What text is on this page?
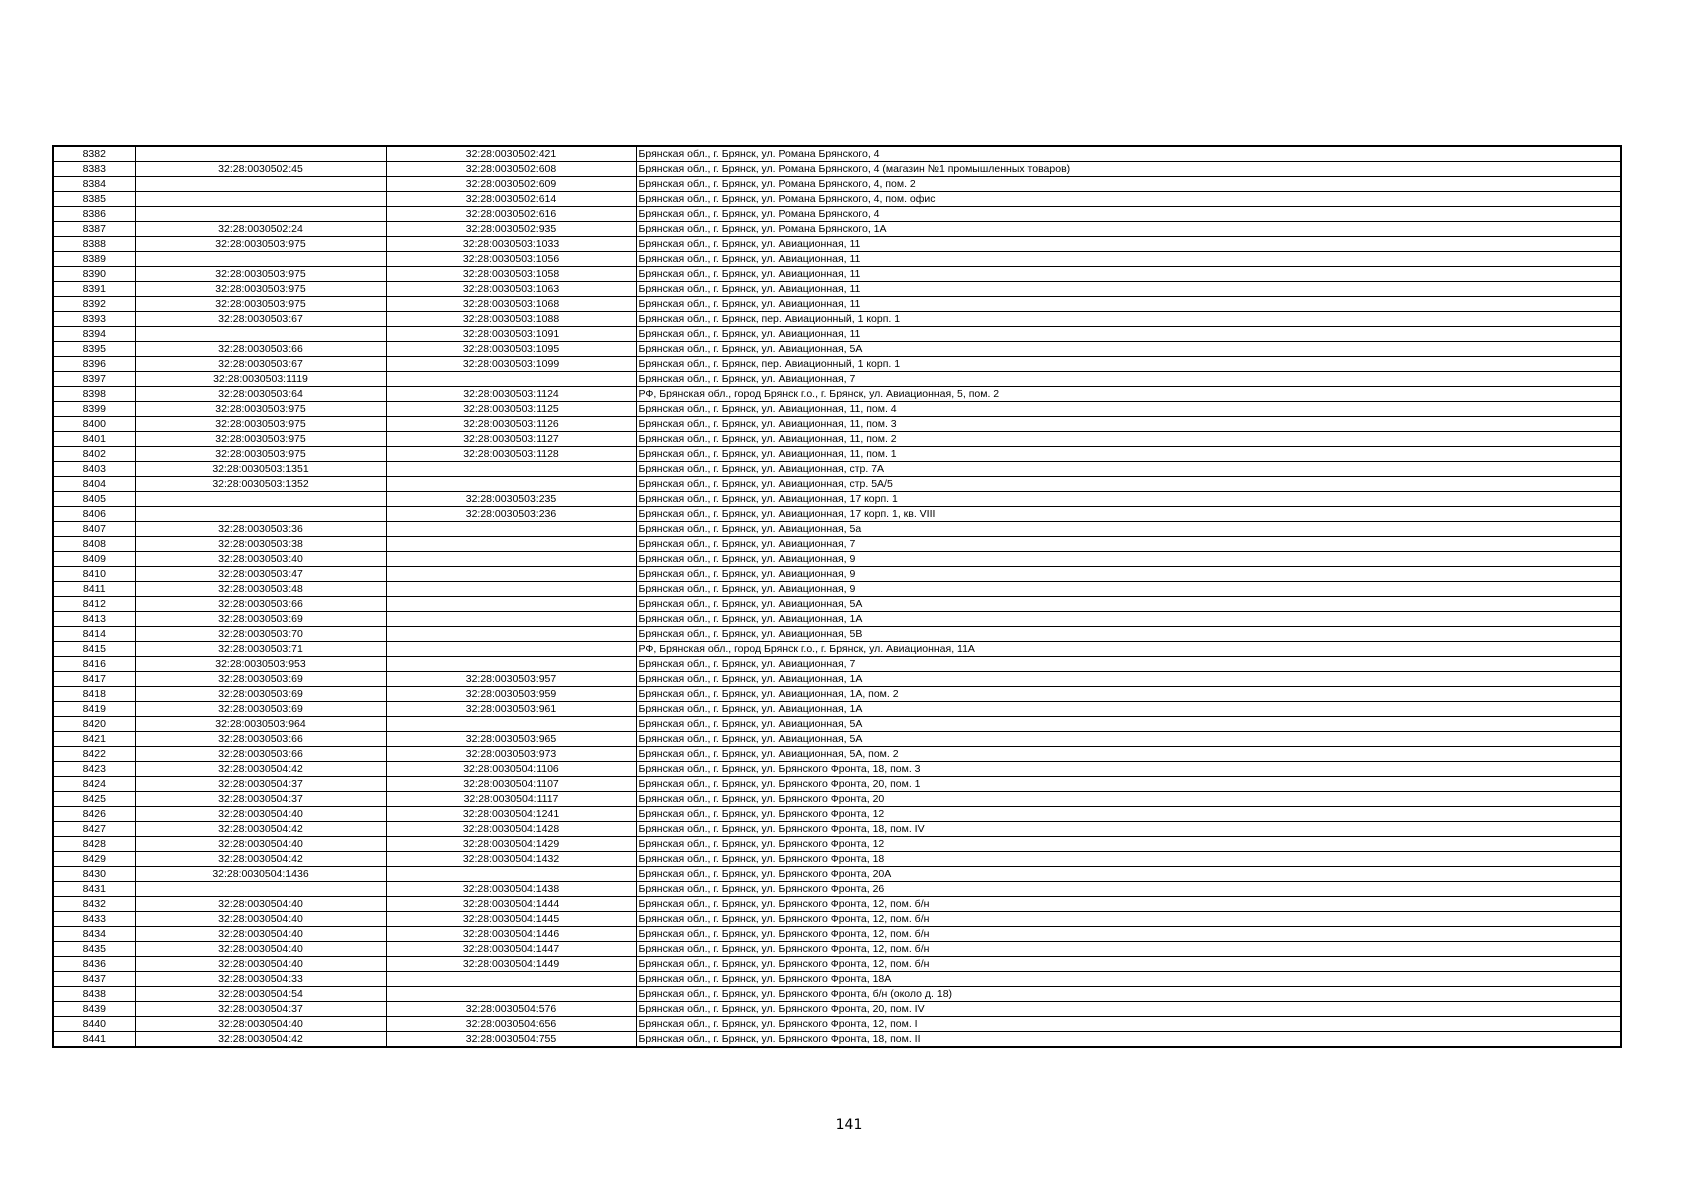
8382		32:28:0030502:421	Брянская обл., г. Брянск, ул. Романа Брянского, 4
8383	32:28:0030502:45	32:28:0030502:608	Брянская обл., г. Брянск, ул. Романа Брянского, 4 (магазин №1 промышленных товаров)
8384		32:28:0030502:609	Брянская обл., г. Брянск, ул. Романа Брянского, 4, пом. 2
8385		32:28:0030502:614	Брянская обл., г. Брянск, ул. Романа Брянского, 4, пом. офис
8386		32:28:0030502:616	Брянская обл., г. Брянск, ул. Романа Брянского, 4
8387	32:28:0030502:24	32:28:0030502:935	Брянская обл., г. Брянск, ул. Романа Брянского, 1А
8388	32:28:0030503:975	32:28:0030503:1033	Брянская обл., г. Брянск, ул. Авиационная, 11
8389		32:28:0030503:1056	Брянская обл., г. Брянск, ул. Авиационная, 11
8390	32:28:0030503:975	32:28:0030503:1058	Брянская обл., г. Брянск, ул. Авиационная, 11
8391	32:28:0030503:975	32:28:0030503:1063	Брянская обл., г. Брянск, ул. Авиационная, 11
8392	32:28:0030503:975	32:28:0030503:1068	Брянская обл., г. Брянск, ул. Авиационная, 11
8393	32:28:0030503:67	32:28:0030503:1088	Брянская обл., г. Брянск, пер. Авиационный, 1 корп. 1
8394		32:28:0030503:1091	Брянская обл., г. Брянск, ул. Авиационная, 11
8395	32:28:0030503:66	32:28:0030503:1095	Брянская обл., г. Брянск, ул. Авиационная, 5А
8396	32:28:0030503:67	32:28:0030503:1099	Брянская обл., г. Брянск, пер. Авиационный, 1 корп. 1
8397	32:28:0030503:1119		Брянская обл., г. Брянск, ул. Авиационная, 7
8398	32:28:0030503:64	32:28:0030503:1124	РФ, Брянская обл., город Брянск г.о., г. Брянск, ул. Авиационная, 5, пом. 2
8399	32:28:0030503:975	32:28:0030503:1125	Брянская обл., г. Брянск, ул. Авиационная, 11, пом. 4
8400	32:28:0030503:975	32:28:0030503:1126	Брянская обл., г. Брянск, ул. Авиационная, 11, пом. 3
8401	32:28:0030503:975	32:28:0030503:1127	Брянская обл., г. Брянск, ул. Авиационная, 11, пом. 2
8402	32:28:0030503:975	32:28:0030503:1128	Брянская обл., г. Брянск, ул. Авиационная, 11, пом. 1
8403	32:28:0030503:1351		Брянская обл., г. Брянск, ул. Авиационная, стр. 7А
8404	32:28:0030503:1352		Брянская обл., г. Брянск, ул. Авиационная, стр. 5А/5
8405		32:28:0030503:235	Брянская обл., г. Брянск, ул. Авиационная, 17 корп. 1
8406		32:28:0030503:236	Брянская обл., г. Брянск, ул. Авиационная, 17 корп. 1, кв. VIII
8407	32:28:0030503:36		Брянская обл., г. Брянск, ул. Авиационная, 5а
8408	32:28:0030503:38		Брянская обл., г. Брянск, ул. Авиационная, 7
8409	32:28:0030503:40		Брянская обл., г. Брянск, ул. Авиационная, 9
8410	32:28:0030503:47		Брянская обл., г. Брянск, ул. Авиационная, 9
8411	32:28:0030503:48		Брянская обл., г. Брянск, ул. Авиационная, 9
8412	32:28:0030503:66		Брянская обл., г. Брянск, ул. Авиационная, 5А
8413	32:28:0030503:69		Брянская обл., г. Брянск, ул. Авиационная, 1А
8414	32:28:0030503:70		Брянская обл., г. Брянск, ул. Авиационная, 5В
8415	32:28:0030503:71		РФ, Брянская обл., город Брянск г.о., г. Брянск, ул. Авиационная, 11А
8416	32:28:0030503:953		Брянская обл., г. Брянск, ул. Авиационная, 7
8417	32:28:0030503:69	32:28:0030503:957	Брянская обл., г. Брянск, ул. Авиационная, 1А
8418	32:28:0030503:69	32:28:0030503:959	Брянская обл., г. Брянск, ул. Авиационная, 1А, пом. 2
8419	32:28:0030503:69	32:28:0030503:961	Брянская обл., г. Брянск, ул. Авиационная, 1А
8420	32:28:0030503:964		Брянская обл., г. Брянск, ул. Авиационная, 5А
8421	32:28:0030503:66	32:28:0030503:965	Брянская обл., г. Брянск, ул. Авиационная, 5А
8422	32:28:0030503:66	32:28:0030503:973	Брянская обл., г. Брянск, ул. Авиационная, 5А, пом. 2
8423	32:28:0030504:42	32:28:0030504:1106	Брянская обл., г. Брянск, ул. Брянского Фронта, 18, пом. 3
8424	32:28:0030504:37	32:28:0030504:1107	Брянская обл., г. Брянск, ул. Брянского Фронта, 20, пом. 1
8425	32:28:0030504:37	32:28:0030504:1117	Брянская обл., г. Брянск, ул. Брянского Фронта, 20
8426	32:28:0030504:40	32:28:0030504:1241	Брянская обл., г. Брянск, ул. Брянского Фронта, 12
8427	32:28:0030504:42	32:28:0030504:1428	Брянская обл., г. Брянск, ул. Брянского Фронта, 18, пом. IV
8428	32:28:0030504:40	32:28:0030504:1429	Брянская обл., г. Брянск, ул. Брянского Фронта, 12
8429	32:28:0030504:42	32:28:0030504:1432	Брянская обл., г. Брянск, ул. Брянского Фронта, 18
8430	32:28:0030504:1436		Брянская обл., г. Брянск, ул. Брянского Фронта, 20А
8431		32:28:0030504:1438	Брянская обл., г. Брянск, ул. Брянского Фронта, 26
8432	32:28:0030504:40	32:28:0030504:1444	Брянская обл., г. Брянск, ул. Брянского Фронта, 12, пом. б/н
8433	32:28:0030504:40	32:28:0030504:1445	Брянская обл., г. Брянск, ул. Брянского Фронта, 12, пом. б/н
8434	32:28:0030504:40	32:28:0030504:1446	Брянская обл., г. Брянск, ул. Брянского Фронта, 12, пом. б/н
8435	32:28:0030504:40	32:28:0030504:1447	Брянская обл., г. Брянск, ул. Брянского Фронта, 12, пом. б/н
8436	32:28:0030504:40	32:28:0030504:1449	Брянская обл., г. Брянск, ул. Брянского Фронта, 12, пом. б/н
8437	32:28:0030504:33		Брянская обл., г. Брянск, ул. Брянского Фронта, 18А
8438	32:28:0030504:54		Брянская обл., г. Брянск, ул. Брянского Фронта, б/н (около д. 18)
8439	32:28:0030504:37	32:28:0030504:576	Брянская обл., г. Брянск, ул. Брянского Фронта, 20, пом. IV
8440	32:28:0030504:40	32:28:0030504:656	Брянская обл., г. Брянск, ул. Брянского Фронта, 12, пом. I
8441	32:28:0030504:42	32:28:0030504:755	Брянская обл., г. Брянск, ул. Брянского Фронта, 18, пом. II
141
